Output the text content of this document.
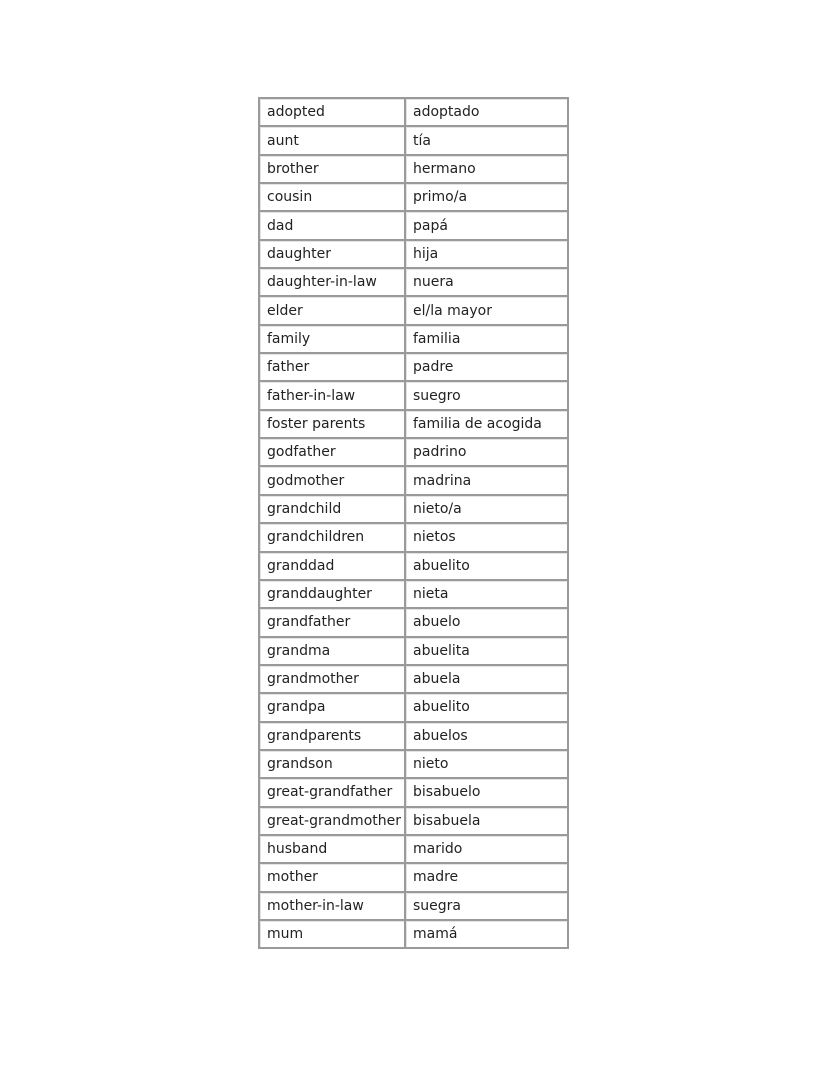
adopted	adoptado
aunt	tía
brother	hermano
cousin	primo/a
dad	papá
daughter	hija
daughter-in-law	nuera
elder	el/la mayor
family	familia
father	padre
father-in-law	suegro
foster parents	familia de acogida
godfather	padrino
godmother	madrina
grandchild	nieto/a
grandchildren	nietos
granddad	abuelito
granddaughter	nieta
grandfather	abuelo
grandma	abuelita
grandmother	abuela
grandpa	abuelito
grandparents	abuelos
grandson	nieto
great-grandfather	bisabuelo
great-grandmother	bisabuela
husband	marido
mother	madre
mother-in-law	suegra
mum	mamá
